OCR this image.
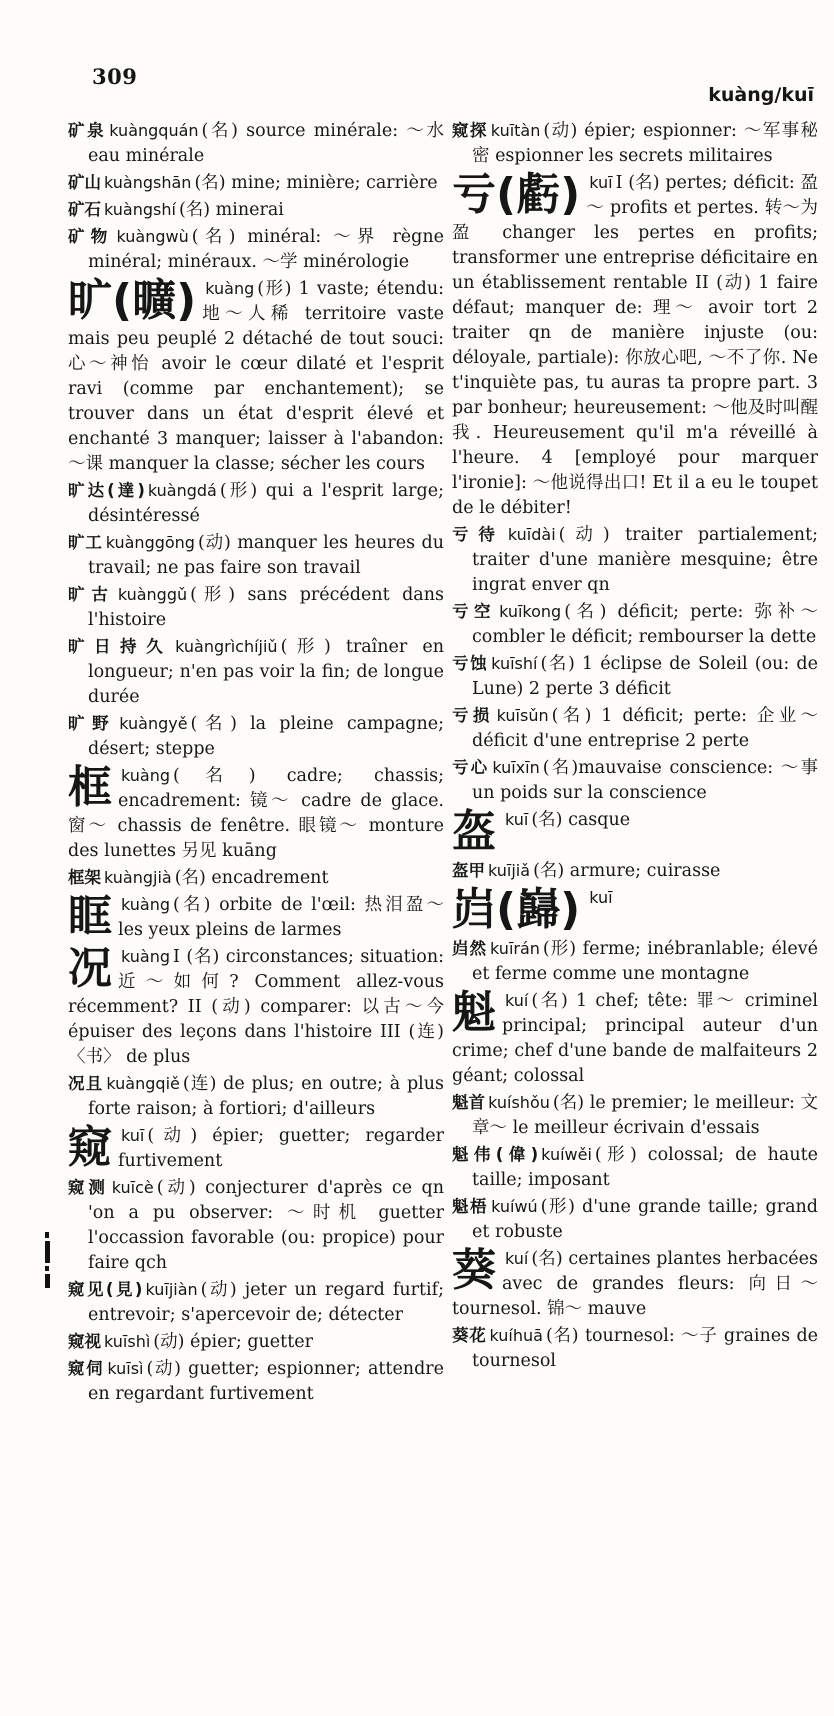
309
kuàng/kuī
矿泉 kuàngquán (名) source minérale: ～水 eau minérale
矿山 kuàngshān (名) mine; minière; carrière
矿石 kuàngshí (名) minerai
矿物 kuàngwù (名) minéral: ～界 règne minéral; minéraux. ～学 minérologie
旷(曠) kuàng (形) 1 vaste; étendu: 地～人稀 territoire vaste mais peu peuplé 2 détaché de tout souci: 心～神怡 avoir le cœur dilaté et l'esprit ravi (comme par enchantement); se trouver dans un état d'esprit élevé et enchanté 3 manquer; laisser à l'abandon: ～课 manquer la classe; sécher les cours
旷达(達) kuàngdá (形) qui a l'esprit large; désintéressé
旷工 kuànggōng (动) manquer les heures du travail; ne pas faire son travail
旷古 kuànggǔ (形) sans précédent dans l'histoire
旷日持久 kuàngrìchíjiǔ (形) traîner en longueur; n'en pas voir la fin; de longue durée
旷野 kuàngyě (名) la pleine campagne; désert; steppe
框kuàng (名) cadre; chassis; encadrement: 镜～ cadre de glace. 窗～ chassis de fenêtre. 眼镜～ monture des lunettes 另见 kuāng
框架 kuàngjià (名) encadrement
眶kuàng (名) orbite de l'œil: 热泪盈～ les yeux pleins de larmes
况kuàng I (名) circonstances; situation: 近～如何? Comment allez-vous récemment? II (动) comparer: 以古～今 épuiser des leçons dans l'histoire III (连)〈书〉 de plus
况且 kuàngqiě (连) de plus; en outre; à plus forte raison; à fortiori; d'ailleurs
窥kuī (动) épier; guetter; regarder furtivement
窥测 kuīcè (动) conjecturer d'après ce qn 'on a pu observer: ～时机 guetter l'occassion favorable (ou: propice) pour faire qch
窥见(見) kuījiàn (动) jeter un regard furtif; entrevoir; s'apercevoir de; détecter
窥视 kuīshì (动) épier; guetter
窥伺 kuīsì (动) guetter; espionner; attendre en regardant furtivement
窥探 kuītàn (动) épier; espionner: ～军事秘密 espionner les secrets militaires
亏(虧) kuī I (名) pertes; déficit: 盈～ profits et pertes. 转～为盈 changer les pertes en profits; transformer une entreprise déficitaire en un établissement rentable II (动) 1 faire défaut; manquer de: 理～ avoir tort 2 traiter qn de manière injuste (ou: déloyale, partiale): 你放心吧, ～不了你. Ne t'inquiète pas, tu auras ta propre part. 3 par bonheur; heureusement: ～他及时叫醒我. Heureusement qu'il m'a réveillé à l'heure. 4 [employé pour marquer l'ironie]: ～他说得出口! Et il a eu le toupet de le débiter!
亏待 kuīdài (动) traiter partialement; traiter d'une manière mesquine; être ingrat enver qn
亏空 kuīkong (名) déficit; perte: 弥补～ combler le déficit; rembourser la dette
亏蚀 kuīshí (名) 1 éclipse de Soleil (ou: de Lune) 2 perte 3 déficit
亏损 kuīsǔn (名) 1 déficit; perte: 企业～ déficit d'une entreprise 2 perte
亏心 kuīxīn (名)mauvaise conscience: ～事 un poids sur la conscience
盔kuī (名) casque
盔甲 kuījiǎ (名) armure; cuirasse
岿(巋) kuī
岿然 kuīrán (形) ferme; inébranlable; élevé et ferme comme une montagne
魁kuí (名) 1 chef; tête: 罪～ criminel principal; principal auteur d'un crime; chef d'une bande de malfaiteurs 2 géant; colossal
魁首 kuíshǒu (名) le premier; le meilleur: 文章～ le meilleur écrivain d'essais
魁伟(偉) kuíwěi (形) colossal; de haute taille; imposant
魁梧 kuíwú (形) d'une grande taille; grand et robuste
葵kuí (名) certaines plantes herbacées avec de grandes fleurs: 向日～ tournesol. 锦～ mauve
葵花 kuíhuā (名) tournesol: ～子 graines de tournesol
